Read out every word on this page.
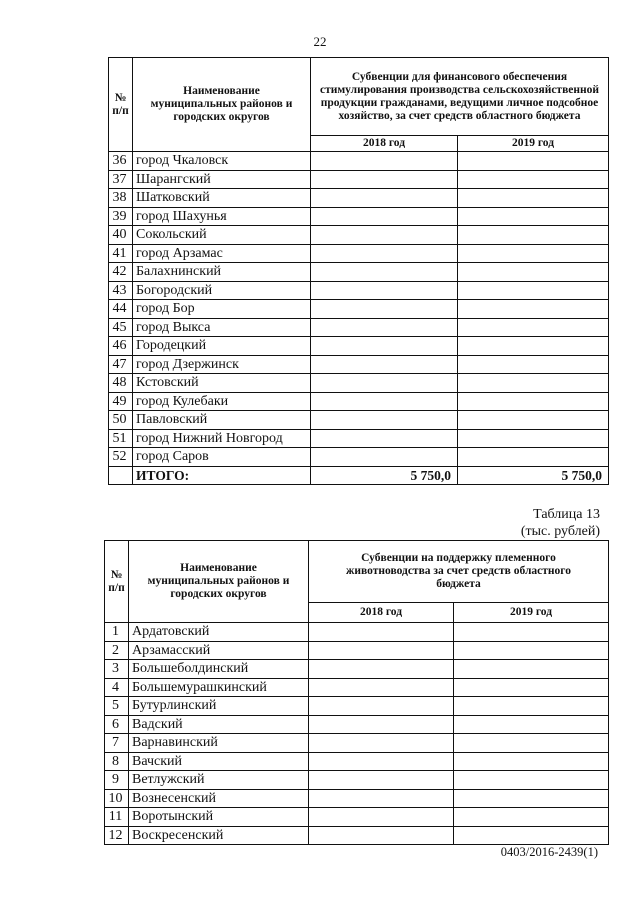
22
№
п/п	Наименование муниципальных районов и городских округов	Субвенции для финансового обеспечения стимулирования производства сельскохозяйственной продукции гражданами, ведущими личное подсобное хозяйство, за счет средств областного бюджета	
		2018 год	2019 год
36	город Чкаловск		
37	Шарангский		
38	Шатковский		
39	город Шахунья		
40	Сокольский		
41	город Арзамас		
42	Балахнинский		
43	Богородский		
44	город Бор		
45	город Выкса		
46	Городецкий		
47	город Дзержинск		
48	Кстовский		
49	город Кулебаки		
50	Павловский		
51	город Нижний Новгород		
52	город Саров		
	ИТОГО:	5 750,0	5 750,0
Таблица 13
(тыс. рублей)
№
п/п	Наименование муниципальных районов и городских округов	Субвенции на поддержку племенного животноводства за счет средств областного бюджета	
		2018 год	2019 год
1	Ардатовский		
2	Арзамасский		
3	Большеболдинский		
4	Большемурашкинский		
5	Бутурлинский		
6	Вадский		
7	Варнавинский		
8	Вачский		
9	Ветлужский		
10	Вознесенский		
11	Воротынский		
12	Воскресенский		
0403/2016-2439(1)
